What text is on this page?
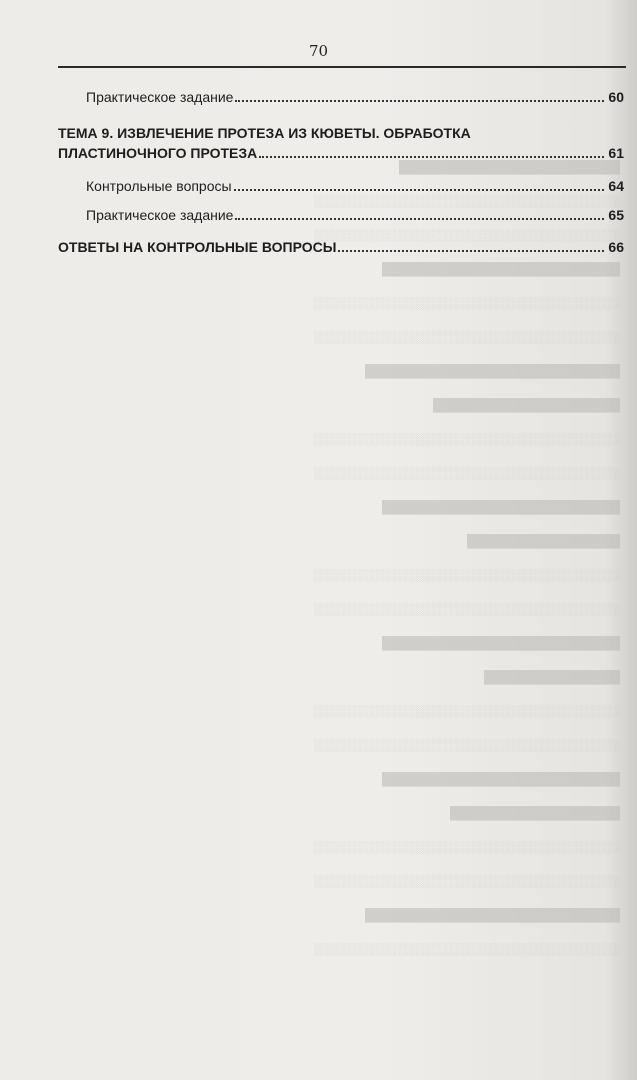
██████████████████████████
░░░░░░░░░░░░░░░░░░░░░░░░░░░░░░░░░░░░
░░░░░░░░░░░░░░░░░░░░░░░░░░░░░░░░░░░░
████████████████████████████
░░░░░░░░░░░░░░░░░░░░░░░░░░░░░░░░░░░░
░░░░░░░░░░░░░░░░░░░░░░░░░░░░░░░░░░░░
██████████████████████████████
██████████████████████
░░░░░░░░░░░░░░░░░░░░░░░░░░░░░░░░░░░░
░░░░░░░░░░░░░░░░░░░░░░░░░░░░░░░░░░░░
████████████████████████████
██████████████████
░░░░░░░░░░░░░░░░░░░░░░░░░░░░░░░░░░░░
░░░░░░░░░░░░░░░░░░░░░░░░░░░░░░░░░░░░
████████████████████████████
████████████████
░░░░░░░░░░░░░░░░░░░░░░░░░░░░░░░░░░░░
░░░░░░░░░░░░░░░░░░░░░░░░░░░░░░░░░░░░
████████████████████████████
████████████████████
░░░░░░░░░░░░░░░░░░░░░░░░░░░░░░░░░░░░
░░░░░░░░░░░░░░░░░░░░░░░░░░░░░░░░░░░░
██████████████████████████████
░░░░░░░░░░░░░░░░░░░░░░░░░░░░░░░░░░░░
70
Практическое задание	60
ТЕМА 9. ИЗВЛЕЧЕНИЕ ПРОТЕЗА ИЗ КЮВЕТЫ. ОБРАБОТКА
ПЛАСТИНОЧНОГО ПРОТЕЗА	61
Контрольные вопросы	64
Практическое задание	65
ОТВЕТЫ НА КОНТРОЛЬНЫЕ ВОПРОСЫ	66
